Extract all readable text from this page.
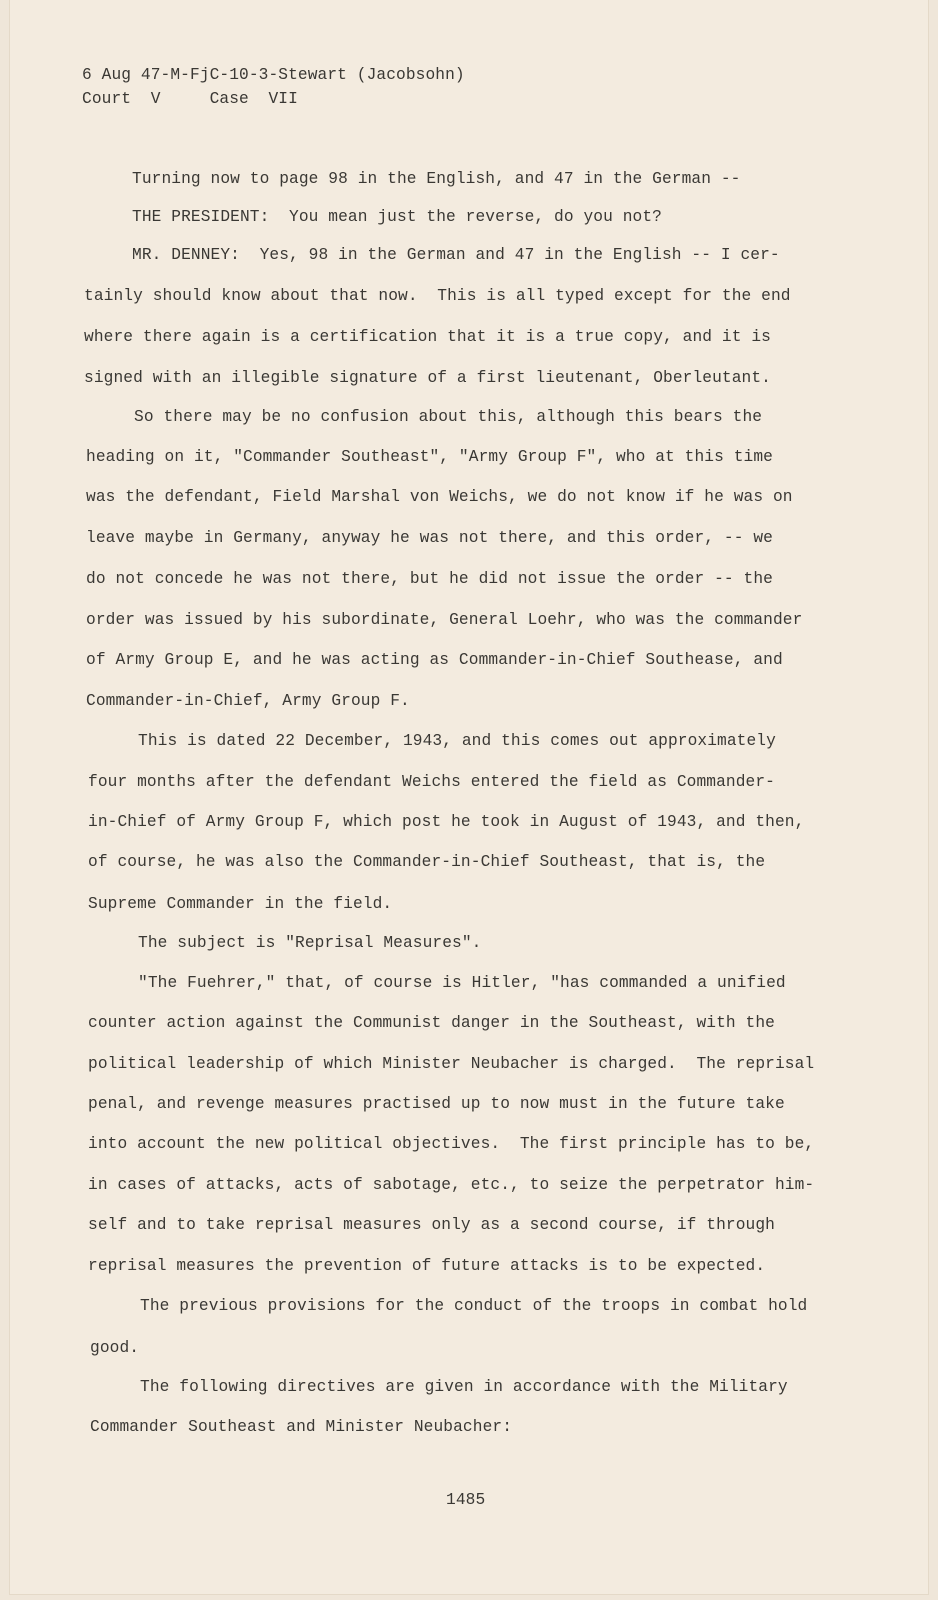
6 Aug 47-M-FjC-10-3-Stewart (Jacobsohn)
Court  V     Case  VII
Turning now to page 98 in the English, and 47 in the German --
THE PRESIDENT:  You mean just the reverse, do you not?
MR. DENNEY:  Yes, 98 in the German and 47 in the English -- I cer-
tainly should know about that now.  This is all typed except for the end
where there again is a certification that it is a true copy, and it is
signed with an illegible signature of a first lieutenant, Oberleutant.
So there may be no confusion about this, although this bears the
heading on it, "Commander Southeast", "Army Group F", who at this time
was the defendant, Field Marshal von Weichs, we do not know if he was on
leave maybe in Germany, anyway he was not there, and this order, -- we
do not concede he was not there, but he did not issue the order -- the
order was issued by his subordinate, General Loehr, who was the commander
of Army Group E, and he was acting as Commander-in-Chief Southease, and
Commander-in-Chief, Army Group F.
This is dated 22 December, 1943, and this comes out approximately
four months after the defendant Weichs entered the field as Commander-
in-Chief of Army Group F, which post he took in August of 1943, and then,
of course, he was also the Commander-in-Chief Southeast, that is, the
Supreme Commander in the field.
The subject is "Reprisal Measures".
"The Fuehrer," that, of course is Hitler, "has commanded a unified
counter action against the Communist danger in the Southeast, with the
political leadership of which Minister Neubacher is charged.  The reprisal
penal, and revenge measures practised up to now must in the future take
into account the new political objectives.  The first principle has to be,
in cases of attacks, acts of sabotage, etc., to seize the perpetrator him-
self and to take reprisal measures only as a second course, if through
reprisal measures the prevention of future attacks is to be expected.
The previous provisions for the conduct of the troops in combat hold
good.
The following directives are given in accordance with the Military
Commander Southeast and Minister Neubacher:
1485
